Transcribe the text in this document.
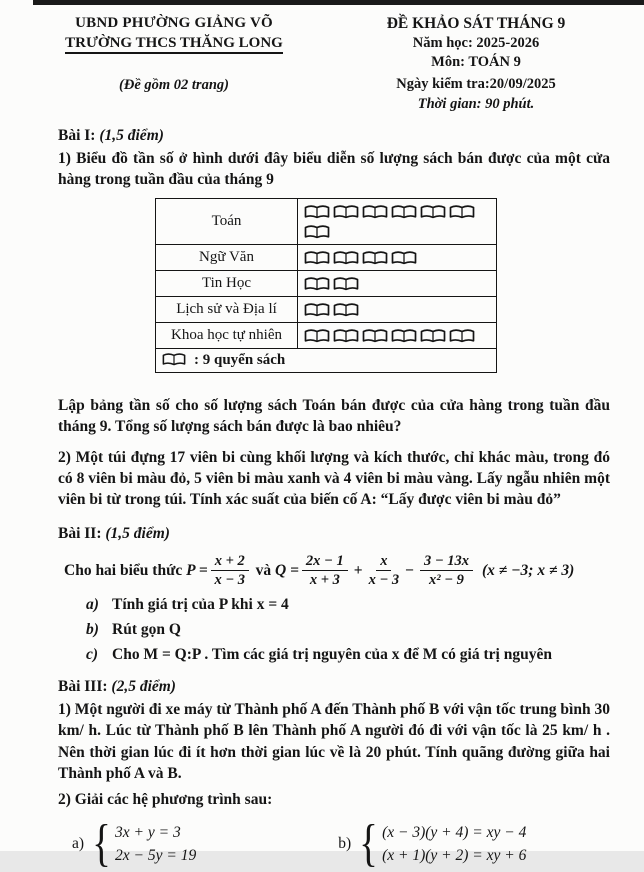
UBND PHƯỜNG GIẢNG VÕ
TRƯỜNG THCS THĂNG LONG
(Đề gồm 02 trang)
ĐỀ KHẢO SÁT THÁNG 9
Năm học: 2025-2026
Môn: TOÁN 9
Ngày kiểm tra:20/09/2025
Thời gian: 90 phút.
Bài I: (1,5 điểm)

1) Biểu đồ tần số ở hình dưới đây biểu diễn số lượng sách bán được của một cửa hàng trong tuần đầu của tháng 9

Toán	
Ngữ Văn	
Tin Học	
Lịch sử và Địa lí	
Khoa học tự nhiên	
: 9 quyển sách	

Lập bảng tần số cho số lượng sách Toán bán được của cửa hàng trong tuần đầu tháng 9. Tổng số lượng sách bán được là bao nhiêu?

2) Một túi đựng 17 viên bi cùng khối lượng và kích thước, chỉ khác màu, trong đó có 8 viên bi màu đỏ, 5 viên bi màu xanh và 4 viên bi màu vàng. Lấy ngẫu nhiên một viên bi từ trong túi. Tính xác suất của biến cố A: “Lấy được viên bi màu đỏ”

Bài II: (1,5 điểm)
Cho hai biểu thức
$P = \frac{x + 2}{x - 3}$
và
$Q = \frac{2x - 1}{x + 3} + \frac{x}{x - 3} - \frac{3 - 13x}{\text{x² − 9}} (x \ne -3$; x ≠ 3)
a) Tính giá trị của P khi x = 4
b) Rút gọn Q
c) Cho M = Q:P . Tìm các giá trị nguyên của x để M có giá trị nguyên
Bài III: (2,5 điểm)

1) Một người đi xe máy từ Thành phố A đến Thành phố B với vận tốc trung bình 30 km/ h. Lúc từ Thành phố B lên Thành phố A người đó đi với vận tốc là 25 km/ h . Nên thời gian lúc đi ít hơn thời gian lúc về là 20 phút. Tính quãng đường giữa hai Thành phố A và B.

2) Giải các hệ phương trình sau:

a) { 3x + y = 3
2x − 5y = 19
b) { (x − 3)(y + 4) = xy − 4
(x + 1)(y + 2) = xy + 6
